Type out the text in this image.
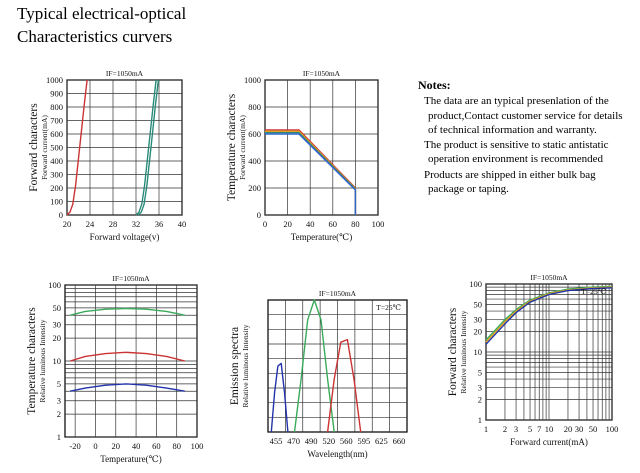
Typical electrical-optical
Characteristics curvers
Notes:
The data are an typical presenlation of the product,Contact customer service for details of technical information and warranty.
The product is sensitive to static antistatic operation environment is recommended
Products are shipped in either bulk bag package or taping.
20 24 28 32 36 40
0
100
200
300
400
500
600
700
800
900
1000
IF=1050mA
Forward voltage(v)
Forward characters Forward current(mA)
0 20 40 60 80 100
0
200
400
600
800
1000
IF=1050mA
Temperature(℃)
Temperature characters Forward current(mA)
-20 0 20 40 60 80 100
1
2
3
5
10
20
30
50
100
IF=1050mA
Temperature(℃)
Temperature characters Relative luminous Intensity
455 470 490 520 560 595 625 660
IF=1050mA
T=25℃
Wavelength(nm)
Emission spectra Relative luminous Intensity
1 2 3 5 7 10 20 30 50 100
1
2
3
5
10
20
30
50
100
IF=1050mA
T=25℃
Forward current(mA)
Forward characters Relative luminous Intensity
